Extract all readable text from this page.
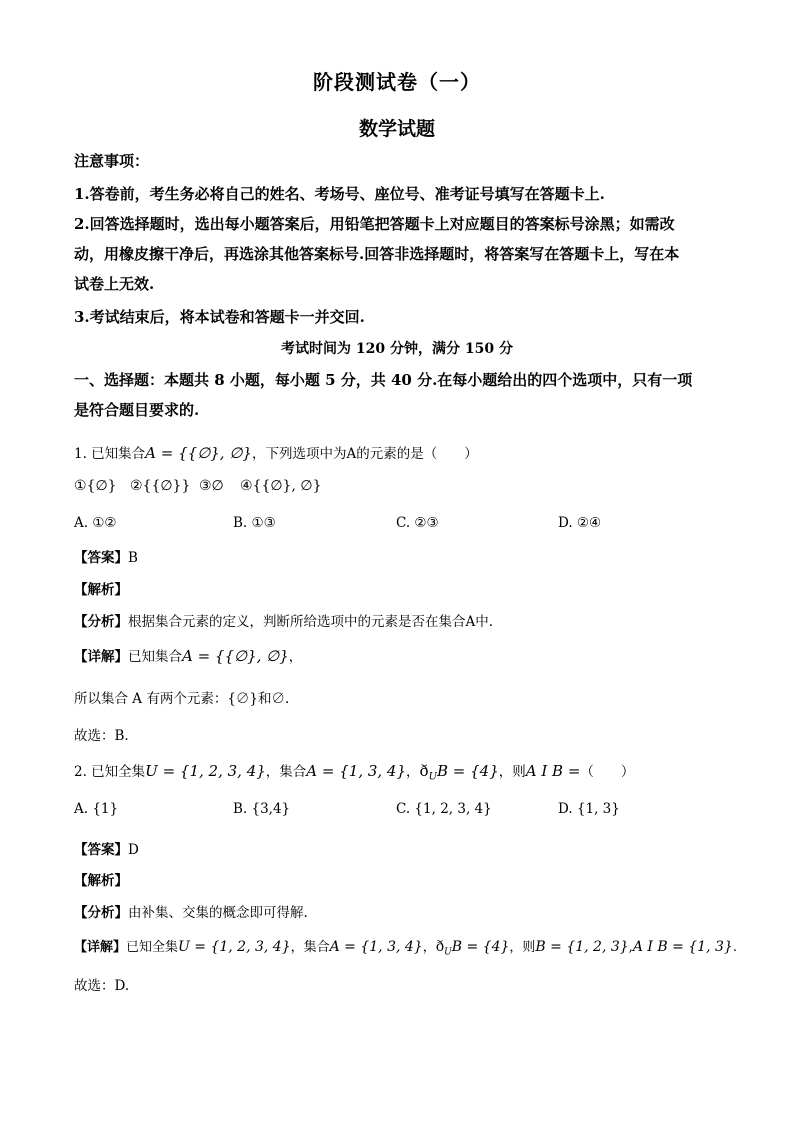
阶段测试卷（一）
数学试题
注意事项：
1.答卷前，考生务必将自己的姓名、考场号、座位号、准考证号填写在答题卡上.
2.回答选择题时，选出每小题答案后，用铅笔把答题卡上对应题目的答案标号涂黑；如需改
动，用橡皮擦干净后，再选涂其他答案标号.回答非选择题时，将答案写在答题卡上，写在本
试卷上无效.
3.考试结束后，将本试卷和答题卡一并交回.
考试时间为 120 分钟，满分 150 分
一、选择题：本题共 8 小题，每小题 5 分，共 40 分.在每小题给出的四个选项中，只有一项
是符合题目要求的.
1. 已知集合A = {{∅}, ∅}，下列选项中为A的元素的是（　　）
①{∅} ②{{∅}} ③∅ ④{{∅}, ∅}
A. ①②	B. ①③	C. ②③	D. ②④
【答案】B
【解析】
【分析】根据集合元素的定义，判断所给选项中的元素是否在集合A中.
【详解】已知集合A = {{∅}, ∅}，
所以集合 A 有两个元素：{∅}和∅.
故选：B.
2. 已知全集U = {1, 2, 3, 4}，集合A = {1, 3, 4}，$ð_UB = \{4\}$，则A I B =（　　）
A. {1}	B. {3,4}	C. {1, 2, 3, 4}	D. {1, 3}
【答案】D
【解析】
【分析】由补集、交集的概念即可得解.
【详解】已知全集U = {1, 2, 3, 4}，集合A = {1, 3, 4}，$ð_UB = \{4\}$，则B = {1, 2, 3},A I B = {1, 3}.
故选：D.
